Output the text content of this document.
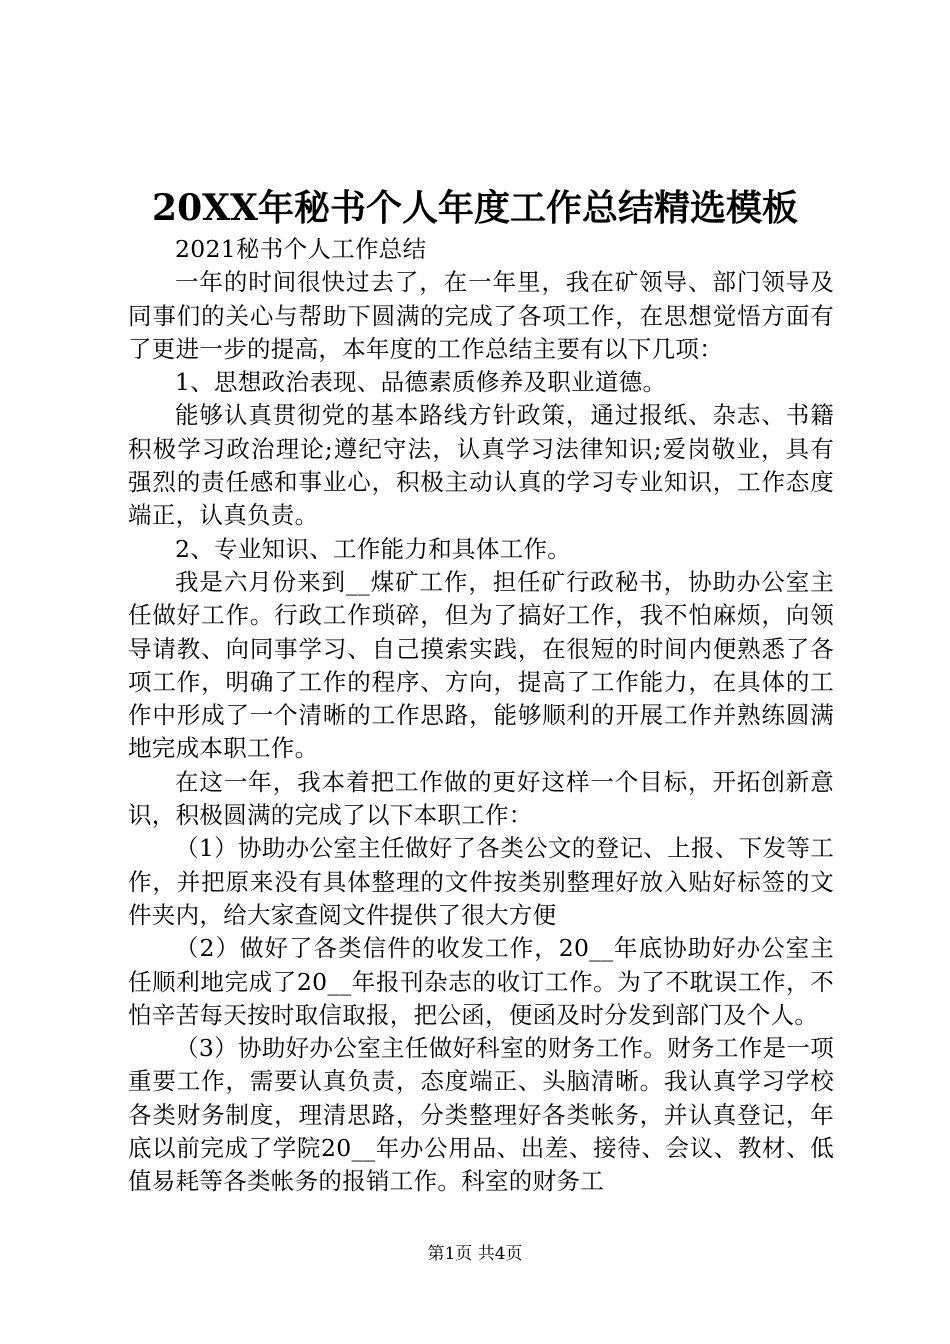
20XX年秘书个人年度工作总结精选模板

2021秘书个人工作总结

一年的时间很快过去了，在一年里，我在矿领导、部门领导及同事们的关心与帮助下圆满的完成了各项工作，在思想觉悟方面有了更进一步的提高，本年度的工作总结主要有以下几项：

1、思想政治表现、品德素质修养及职业道德。

能够认真贯彻党的基本路线方针政策，通过报纸、杂志、书籍积极学习政治理论;遵纪守法，认真学习法律知识;爱岗敬业，具有强烈的责任感和事业心，积极主动认真的学习专业知识，工作态度端正，认真负责。

2、专业知识、工作能力和具体工作。

我是六月份来到__煤矿工作，担任矿行政秘书，协助办公室主任做好工作。行政工作琐碎，但为了搞好工作，我不怕麻烦，向领导请教、向同事学习、自己摸索实践，在很短的时间内便熟悉了各项工作，明确了工作的程序、方向，提高了工作能力，在具体的工作中形成了一个清晰的工作思路，能够顺利的开展工作并熟练圆满地完成本职工作。

在这一年，我本着把工作做的更好这样一个目标，开拓创新意识，积极圆满的完成了以下本职工作：

（1）协助办公室主任做好了各类公文的登记、上报、下发等工作，并把原来没有具体整理的文件按类别整理好放入贴好标签的文件夹内，给大家查阅文件提供了很大方便

（2）做好了各类信件的收发工作，20__年底协助好办公室主任顺利地完成了20__年报刊杂志的收订工作。为了不耽误工作，不怕辛苦每天按时取信取报，把公函，便函及时分发到部门及个人。

（3）协助好办公室主任做好科室的财务工作。财务工作是一项重要工作，需要认真负责，态度端正、头脑清晰。我认真学习学校各类财务制度，理清思路，分类整理好各类帐务，并认真登记，年底以前完成了学院20__年办公用品、出差、接待、会议、教材、低值易耗等各类帐务的报销工作。科室的财务工

第1页 共4页
